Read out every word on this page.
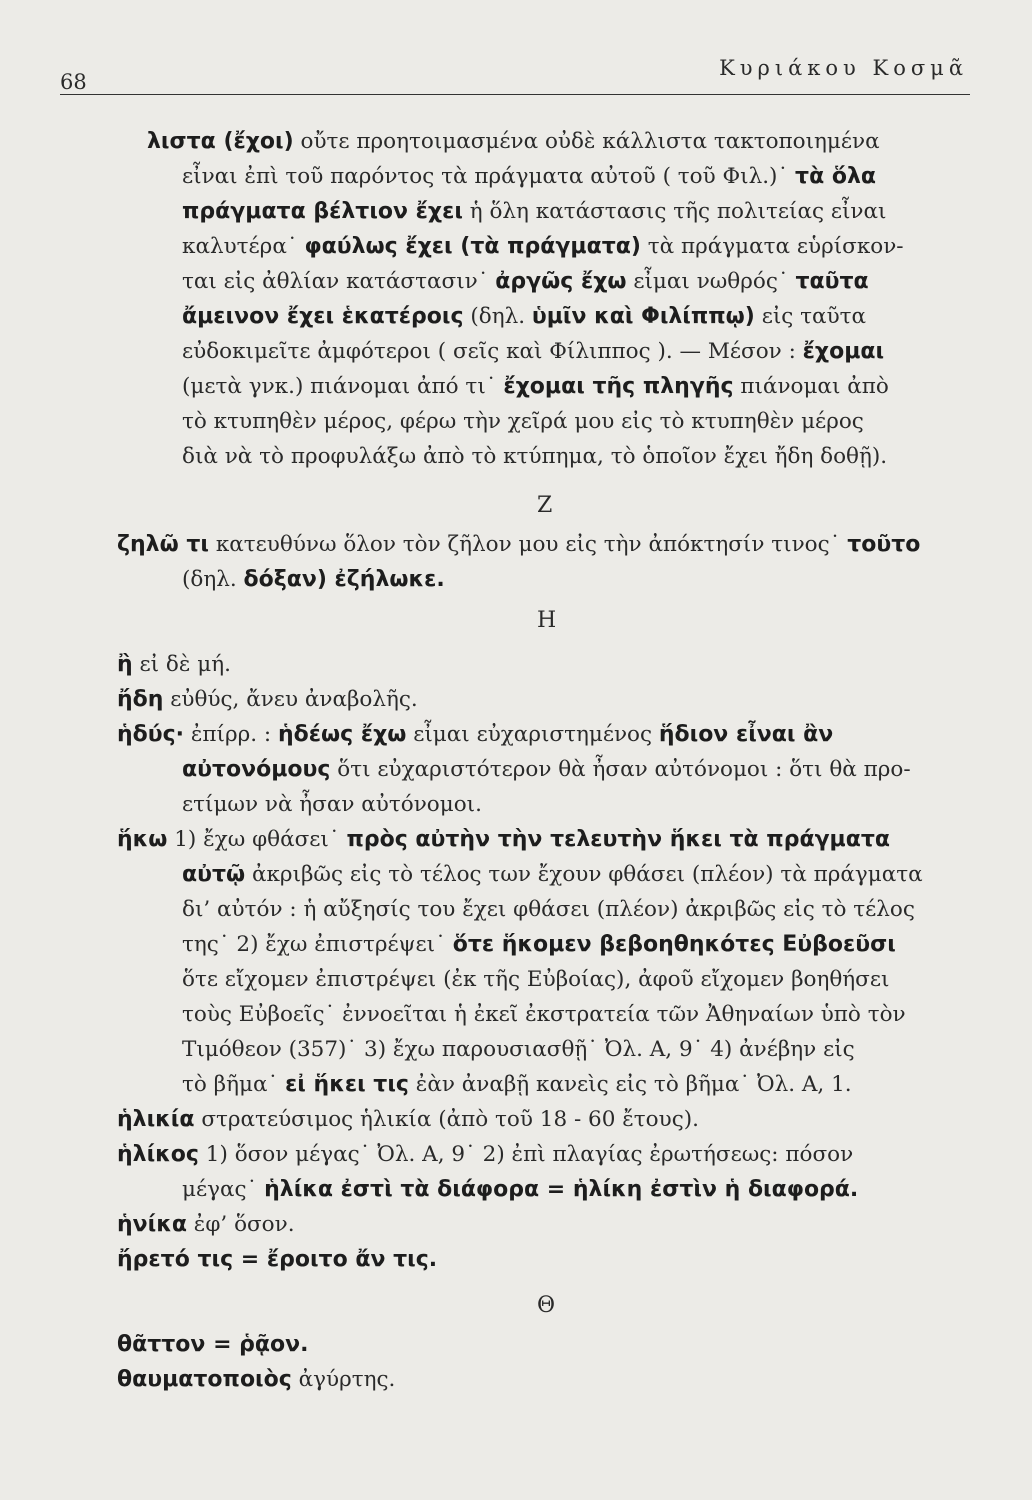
68
Κυριάκου Κοσμᾶ
λιστα (ἔχοι) οὔτε προητοιμασμένα οὐδὲ κάλλιστα τακτοποιημένα
εἶναι ἐπὶ τοῦ παρόντος τὰ πράγματα αὐτοῦ ( τοῦ Φιλ.)˙ τὰ ὅλα
πράγματα βέλτιον ἔχει ἡ ὅλη κατάστασις τῆς πολιτείας εἶναι
καλυτέρα˙ φαύλως ἔχει (τὰ πράγματα) τὰ πράγματα εὑρίσκον-
ται εἰς ἀθλίαν κατάστασιν˙ ἀργῶς ἔχω εἶμαι νωθρός˙ ταῦτα
ἄμεινον ἔχει ἑκατέροις (δηλ. ὑμῖν καὶ Φιλίππῳ) εἰς ταῦτα
εὐδοκιμεῖτε ἀμφότεροι ( σεῖς καὶ Φίλιππος ). — Μέσον : ἔχομαι
(μετὰ γνκ.) πιάνομαι ἀπό τι˙ ἔχομαι τῆς πληγῆς πιάνομαι ἀπὸ
τὸ κτυπηθὲν μέρος, φέρω τὴν χεῖρά μου εἰς τὸ κτυπηθὲν μέρος
διὰ νὰ τὸ προφυλάξω ἀπὸ τὸ κτύπημα, τὸ ὁποῖον ἔχει ἤδη δοθῇ).
ζηλῶ τι κατευθύνω ὅλον τὸν ζῆλον μου εἰς τὴν ἀπόκτησίν τινος˙ τοῦτο
(δηλ. δόξαν) ἐζήλωκε.
ἢ εἰ δὲ μή.
ἤδη εὐθύς, ἄνευ ἀναβολῆς.
ἡδύς· ἐπίρρ. : ἡδέως ἔχω εἶμαι εὐχαριστημένος ἥδιον εἶναι ἂν
αὐτονόμους ὅτι εὐχαριστότερον θὰ ἦσαν αὐτόνομοι : ὅτι θὰ προ-
ετίμων νὰ ἦσαν αὐτόνομοι.
ἥκω 1) ἔχω φθάσει˙ πρὸς αὐτὴν τὴν τελευτὴν ἥκει τὰ πράγματα
αὐτῷ ἀκριβῶς εἰς τὸ τέλος των ἔχουν φθάσει (πλέον) τὰ πράγματα
δι’ αὐτόν : ἡ αὔξησίς του ἔχει φθάσει (πλέον) ἀκριβῶς εἰς τὸ τέλος
της˙ 2) ἔχω ἐπιστρέψει˙ ὅτε ἥκομεν βεβοηθηκότες Εὐβοεῦσι
ὅτε εἴχομεν ἐπιστρέψει (ἐκ τῆς Εὐβοίας), ἀφοῦ εἴχομεν βοηθήσει
τοὺς Εὐβοεῖς˙ ἐννοεῖται ἡ ἐκεῖ ἐκστρατεία τῶν Ἀθηναίων ὑπὸ τὸν
Τιμόθεον (357)˙ 3) ἔχω παρουσιασθῇ˙ Ὀλ. Α, 9˙ 4) ἀνέβην εἰς
τὸ βῆμα˙ εἰ ἥκει τις ἐὰν ἀναβῇ κανεὶς εἰς τὸ βῆμα˙ Ὀλ. Α, 1.
ἡλικία στρατεύσιμος ἡλικία (ἀπὸ τοῦ 18 - 60 ἔτους).
ἡλίκος 1) ὅσον μέγας˙ Ὀλ. Α, 9˙ 2) ἐπὶ πλαγίας ἐρωτήσεως: πόσον
μέγας˙ ἡλίκα ἐστὶ τὰ διάφορα = ἡλίκη ἐστὶν ἡ διαφορά.
ἡνίκα ἐφ’ ὅσον.
ἤρετό τις = ἔροιτο ἄν τις.
θᾶττον = ῥᾷον.
θαυματοποιὸς ἀγύρτης.
Ζ
Η
Θ
